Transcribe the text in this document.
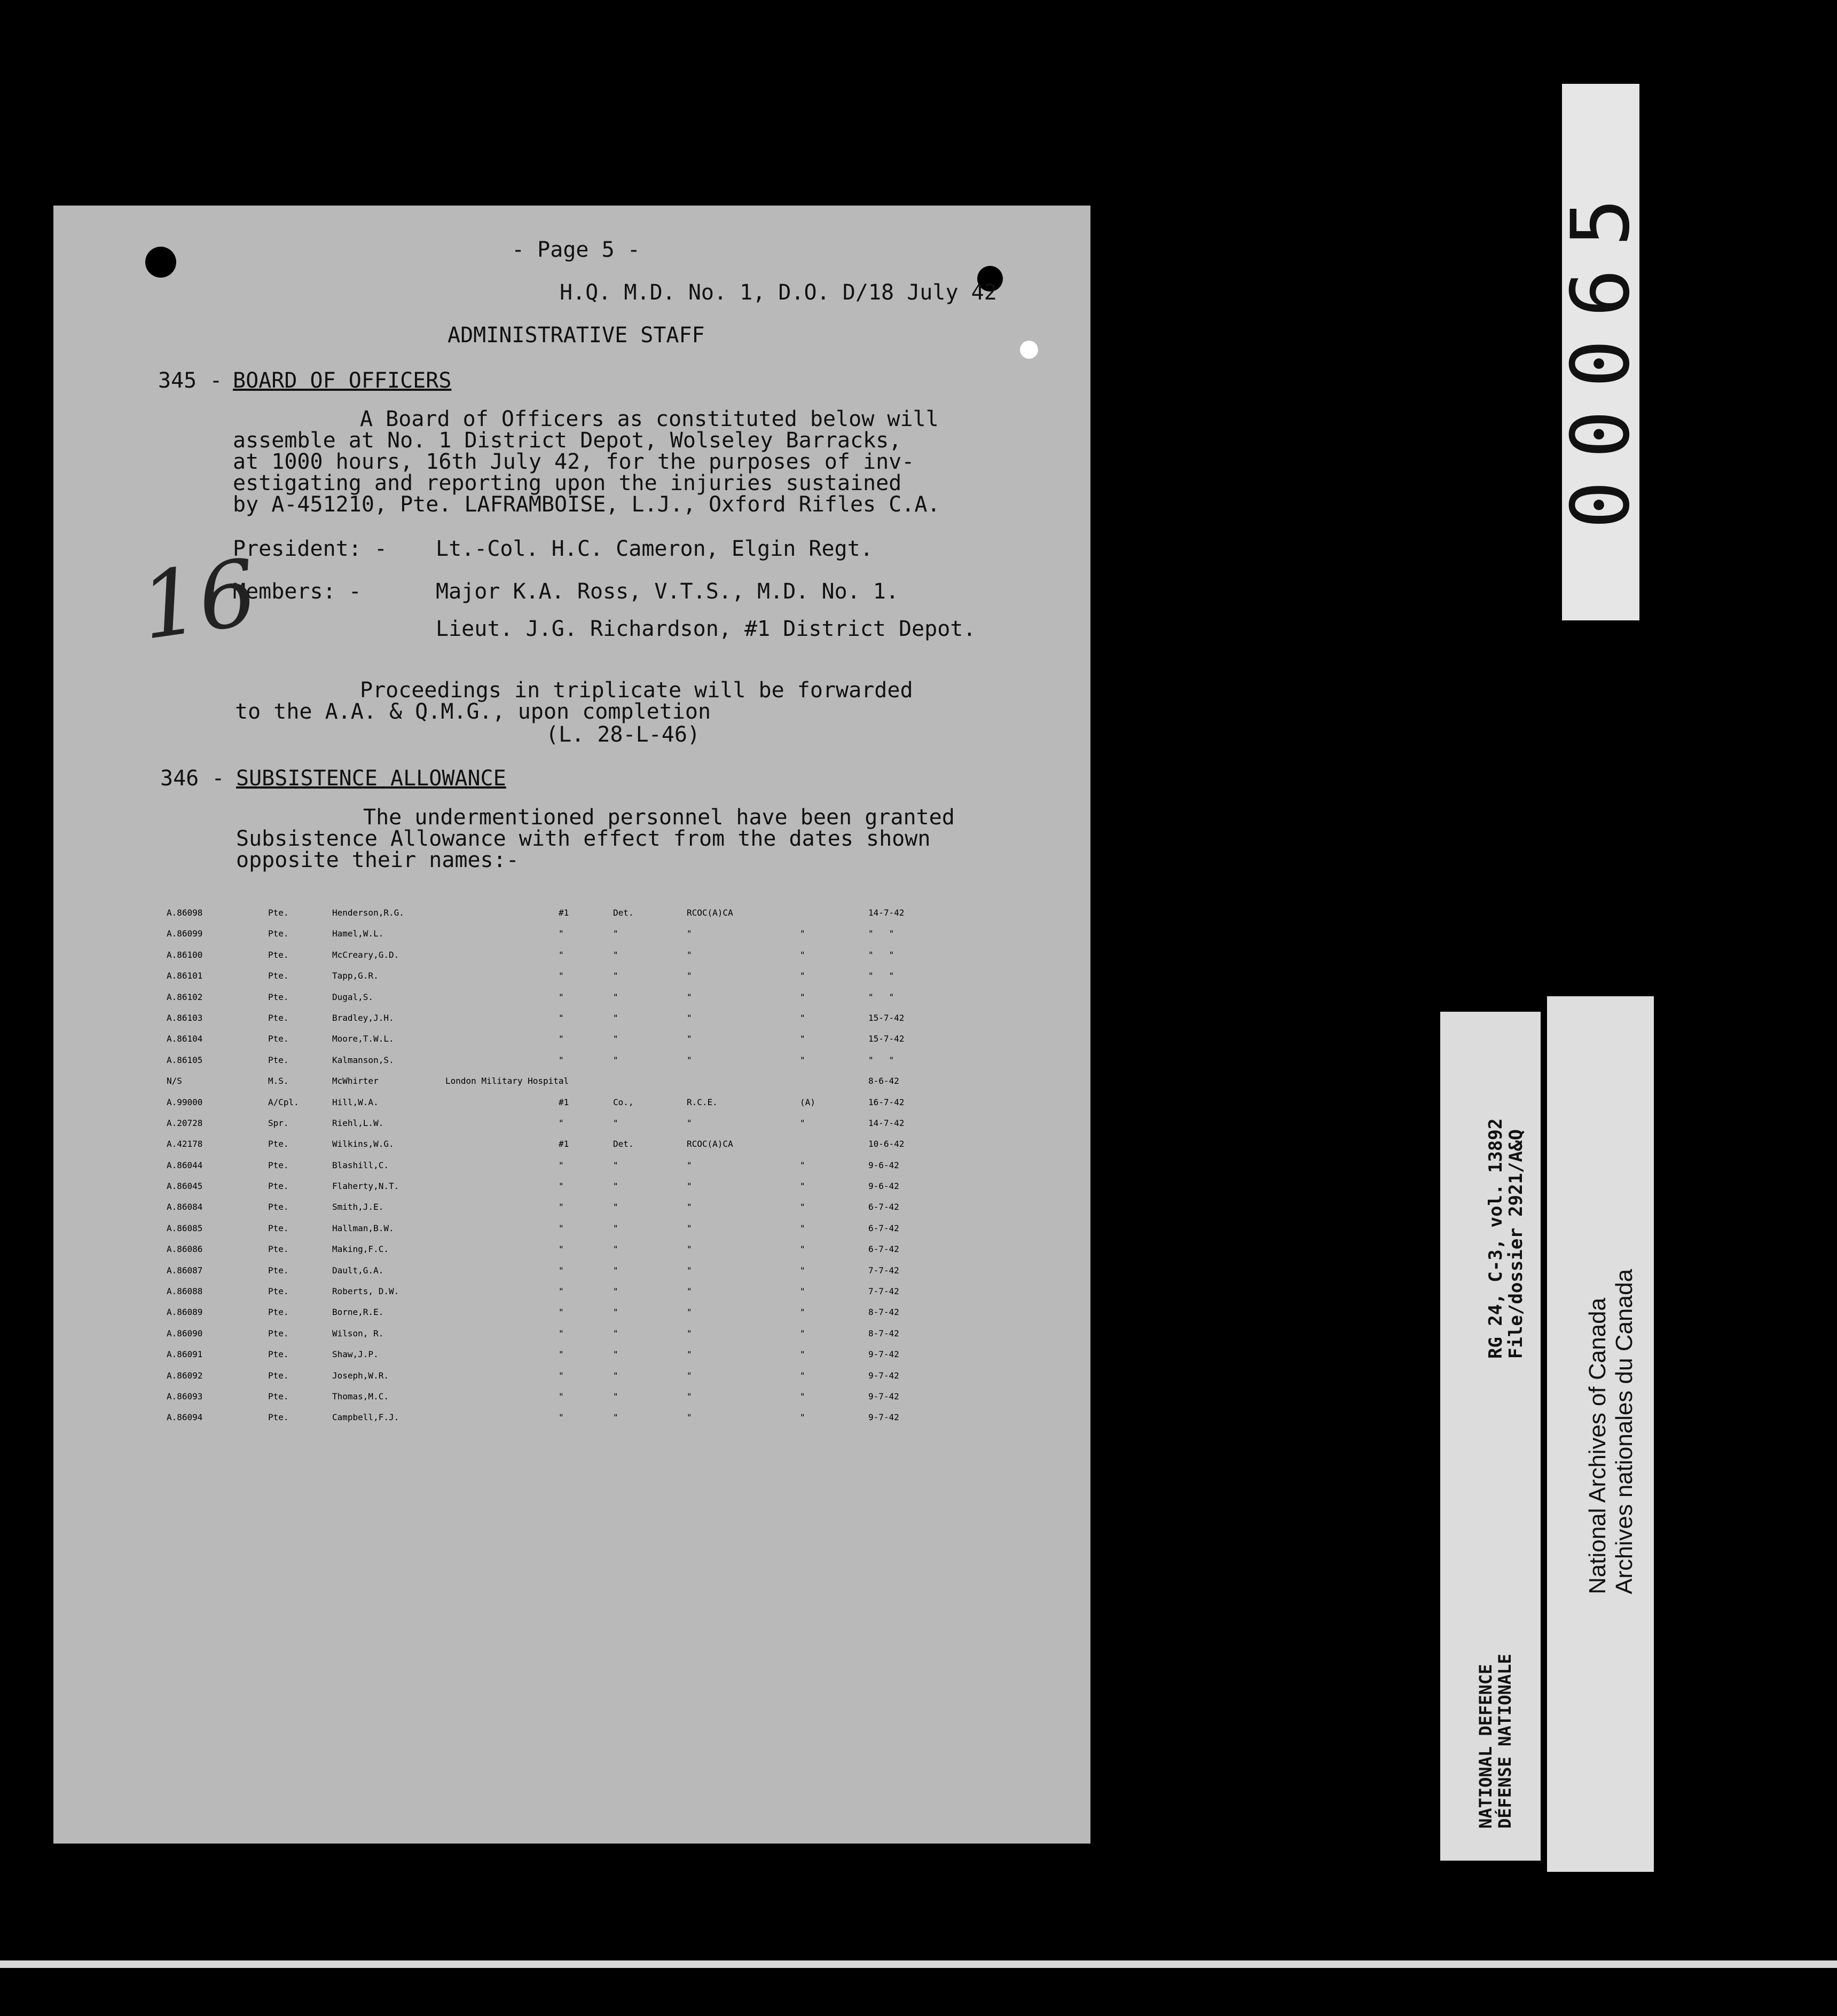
- Page 5 -
H.Q. M.D. No. 1, D.O. D/18 July 42
ADMINISTRATIVE STAFF
345 - BOARD OF OFFICERS
A Board of Officers as constituted below will
assemble at No. 1 District Depot, Wolseley Barracks,
at 1000 hours, 16th July 42, for the purposes of inv-
estigating and reporting upon the injuries sustained
by A-451210, Pte. LAFRAMBOISE, L.J., Oxford Rifles C.A.
President: - Lt.-Col. H.C. Cameron, Elgin Regt.
Members: -	Major K.A. Ross, V.T.S., M.D. No. 1.
Lieut. J.G. Richardson, #1 District Depot.
Proceedings in triplicate will be forwarded
to the A.A. & Q.M.G., upon completion
(L. 28-L-46)
346 - SUBSISTENCE ALLOWANCE
The undermentioned personnel have been granted
Subsistence Allowance with effect from the dates shown
opposite their names:-
16
A.86098	Pte.	Henderson,R.G.	#1	Det.	RCOC(A)CA	14-7-42
A.86099	Pte.	Hamel,W.L.	"	"	"	"	"   "
A.86100	Pte.	McCreary,G.D.	"	"	"	"	"   "
A.86101	Pte.	Tapp,G.R.	"	"	"	"	"   "
A.86102	Pte.	Dugal,S.	"	"	"	"	"   "
A.86103	Pte.	Bradley,J.H.	"	"	"	"	15-7-42
A.86104	Pte.	Moore,T.W.L.	"	"	"	"	15-7-42
A.86105	Pte.	Kalmanson,S.	"	"	"	"	"   "
N/S	M.S.	McWhirter	London Military Hospital	8-6-42
A.99000	A/Cpl.	Hill,W.A.	#1	Co.,	R.C.E.	(A)	16-7-42
A.20728	Spr.	Riehl,L.W.	"	"	"	"	14-7-42
A.42178	Pte.	Wilkins,W.G.	#1	Det.	RCOC(A)CA	10-6-42
A.86044	Pte.	Blashill,C.	"	"	"	"	9-6-42
A.86045	Pte.	Flaherty,N.T.	"	"	"	"	9-6-42
A.86084	Pte.	Smith,J.E.	"	"	"	"	6-7-42
A.86085	Pte.	Hallman,B.W.	"	"	"	"	6-7-42
A.86086	Pte.	Making,F.C.	"	"	"	"	6-7-42
A.86087	Pte.	Dault,G.A.	"	"	"	"	7-7-42
A.86088	Pte.	Roberts, D.W.	"	"	"	"	7-7-42
A.86089	Pte.	Borne,R.E.	"	"	"	"	8-7-42
A.86090	Pte.	Wilson, R.	"	"	"	"	8-7-42
A.86091	Pte.	Shaw,J.P.	"	"	"	"	9-7-42
A.86092	Pte.	Joseph,W.R.	"	"	"	"	9-7-42
A.86093	Pte.	Thomas,M.C.	"	"	"	"	9-7-42
A.86094	Pte.	Campbell,F.J.	"	"	"	"	9-7-42
00065
RG 24, C-3, vol. 13892
File/dossier 2921/A&Q
NATIONAL DEFENCE
DÉFENSE NATIONALE
National Archives of Canada Archives nationales du Canada
